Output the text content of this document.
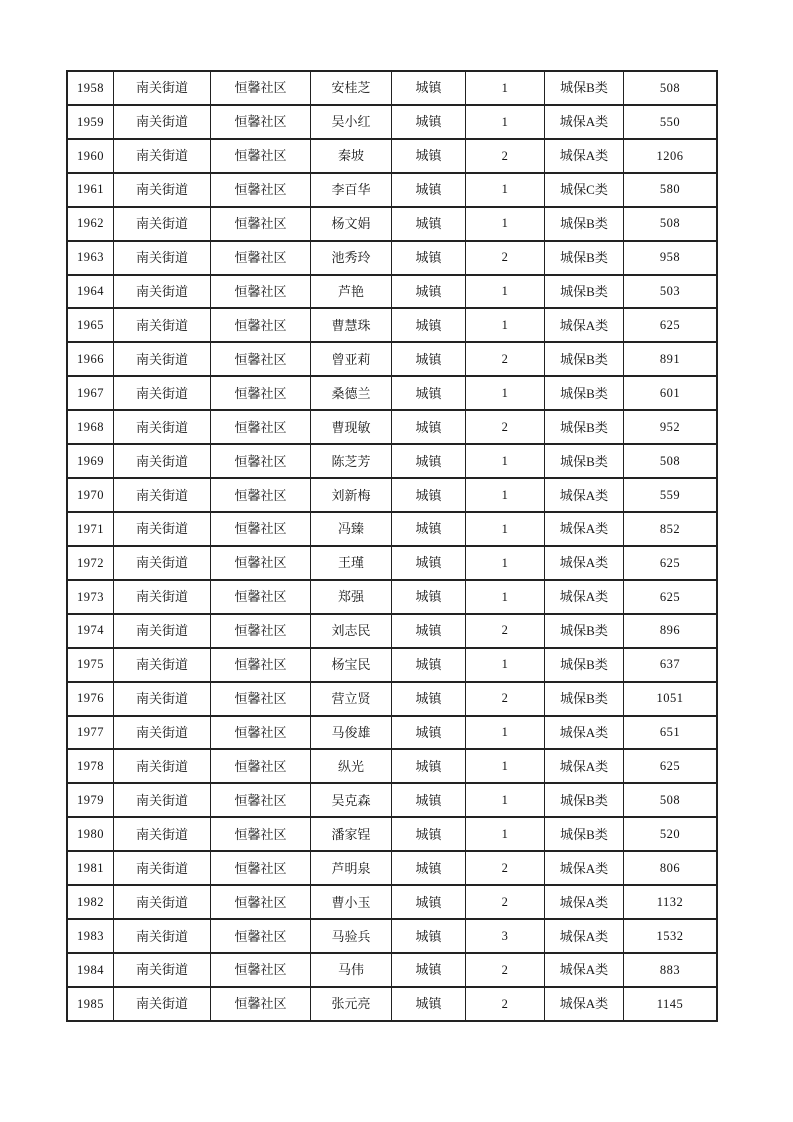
1958	南关街道	恒馨社区	安桂芝	城镇	1	城保B类	508
1959	南关街道	恒馨社区	吴小红	城镇	1	城保A类	550
1960	南关街道	恒馨社区	秦坡	城镇	2	城保A类	1206
1961	南关街道	恒馨社区	李百华	城镇	1	城保C类	580
1962	南关街道	恒馨社区	杨文娟	城镇	1	城保B类	508
1963	南关街道	恒馨社区	池秀玲	城镇	2	城保B类	958
1964	南关街道	恒馨社区	芦艳	城镇	1	城保B类	503
1965	南关街道	恒馨社区	曹慧珠	城镇	1	城保A类	625
1966	南关街道	恒馨社区	曾亚莉	城镇	2	城保B类	891
1967	南关街道	恒馨社区	桑德兰	城镇	1	城保B类	601
1968	南关街道	恒馨社区	曹现敏	城镇	2	城保B类	952
1969	南关街道	恒馨社区	陈芝芳	城镇	1	城保B类	508
1970	南关街道	恒馨社区	刘新梅	城镇	1	城保A类	559
1971	南关街道	恒馨社区	冯臻	城镇	1	城保A类	852
1972	南关街道	恒馨社区	王瑾	城镇	1	城保A类	625
1973	南关街道	恒馨社区	郑强	城镇	1	城保A类	625
1974	南关街道	恒馨社区	刘志民	城镇	2	城保B类	896
1975	南关街道	恒馨社区	杨宝民	城镇	1	城保B类	637
1976	南关街道	恒馨社区	营立贤	城镇	2	城保B类	1051
1977	南关街道	恒馨社区	马俊雄	城镇	1	城保A类	651
1978	南关街道	恒馨社区	纵光	城镇	1	城保A类	625
1979	南关街道	恒馨社区	吴克森	城镇	1	城保B类	508
1980	南关街道	恒馨社区	潘家锃	城镇	1	城保B类	520
1981	南关街道	恒馨社区	芦明泉	城镇	2	城保A类	806
1982	南关街道	恒馨社区	曹小玉	城镇	2	城保A类	1132
1983	南关街道	恒馨社区	马验兵	城镇	3	城保A类	1532
1984	南关街道	恒馨社区	马伟	城镇	2	城保A类	883
1985	南关街道	恒馨社区	张元亮	城镇	2	城保A类	1145
